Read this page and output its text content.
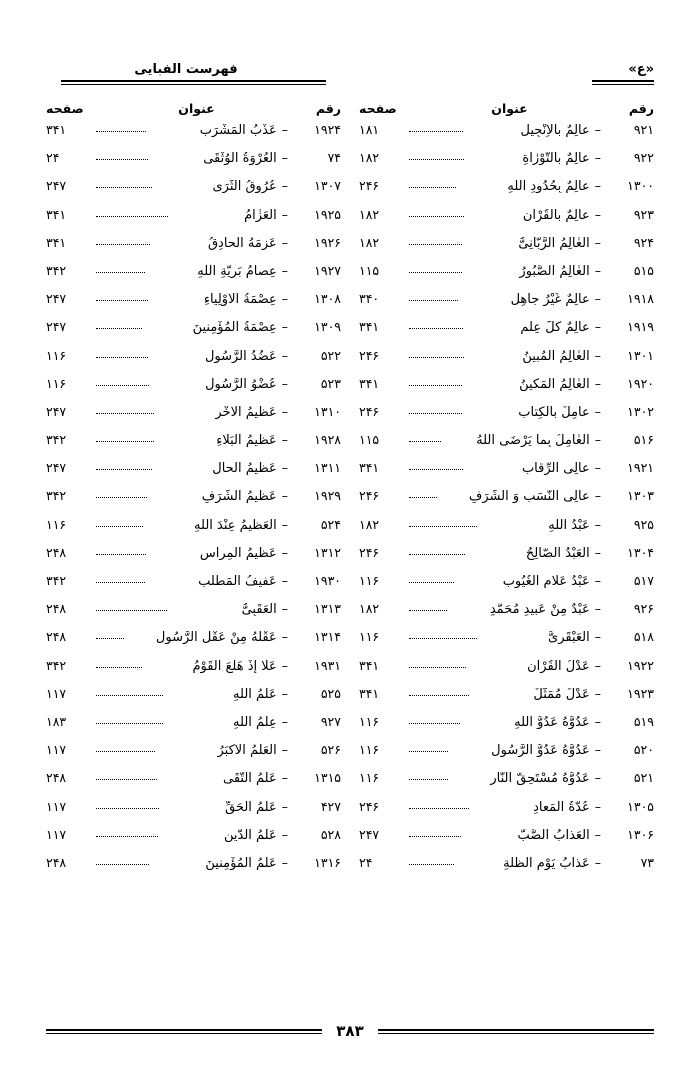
فهرست الفبایی	«ع»
رقم
عنوان
صفحه
۹۲۱
–
عالِمٌ بالْأِنْجِیلِ
۱۸۱
۹۲۲
–
عالِمٌ بالتَّوْرٰاةِ
۱۸۲
۱۳۰۰
–
عالِمٌ بِحُدُودِ اللهِ
۲۴۶
۹۲۳
–
عالِمٌ بالْقُرْآنِ
۱۸۲
۹۲۴
–
الْعٰالِمُ الرَّبّانِیُّ
۱۸۲
۵۱۵
–
الْعٰالِمُ الصَّبُورُ
۱۱۵
۱۹۱۸
–
عالِمٌ غَیْرُ جاهِلٍ
۳۴۰
۱۹۱۹
–
عالِمٌ كُلَّ عِلْمٍ
۳۴۱
۱۳۰۱
–
الْعٰالِمُ الْمُبینُ
۲۴۶
۱۹۲۰
–
الْعٰالِمُ الْمَكینُ
۳۴۱
۱۳۰۲
–
عامِلٌ بالْكِتابِ
۲۴۶
۵۱۶
–
الْعٰامِلُ بِما یَرْضَی اللهُ
۱۱۵
۱۹۲۱
–
عالِی الرِّقابِ
۳۴۱
۱۳۰۳
–
عالِی النَّسَبِ وَ الشَّرَفِ
۲۴۶
۹۲۵
–
عَبْدُ اللهِ
۱۸۲
۱۳۰۴
–
الْعَبْدُ الصّالِحُ
۲۴۶
۵۱۷
–
عَبْدُ عَلّامِ الْغُیُوبِ
۱۱۶
۹۲۶
–
عَبْدٌ مِنْ عَبیدِ مُحَمَّدٍ
۱۸۲
۵۱۸
–
الْعَبْقَرِیُّ
۱۱۶
۱۹۲۲
–
عَدْلُ الْقُرْآنِ
۳۴۱
۱۹۲۳
–
عَدْلٌ مُمَثَّلٌ
۳۴۱
۵۱۹
–
عَدُوُّهُ عَدُوُّ اللهِ
۱۱۶
۵۲۰
–
عَدُوُّهُ عَدُوُّ الرَّسُولِ
۱۱۶
۵۲۱
–
عَدُوُّهُ مُسْتَحِقُّ النّارِ
۱۱۶
۱۳۰۵
–
عُدَّةُ الْمَعادِ
۲۴۶
۱۳۰۶
–
الْعَذابُ الصَّبُّ
۲۴۷
۷۳
–
عَذابُ یَوْمِ الظُّلَّةِ
۲۴
رقم
عنوان
صفحه
۱۹۲۴
–
عَذْبُ الْمَشْرَبِ
۳۴۱
۷۴
–
الْعُرْوَةُ الْوُثْقَی
۲۴
۱۳۰۷
–
عُرُوقُ الثَّرَی
۲۴۷
۱۹۲۵
–
الْعَزٰامُ
۳۴۱
۱۹۲۶
–
عَزِمَهُ الْحادِقُ
۳۴۱
۱۹۲۷
–
عِصامُ بَرِیَّةِ اللهِ
۳۴۲
۱۳۰۸
–
عِصْمَةُ الْأَوْلِیاءِ
۲۴۷
۱۳۰۹
–
عِصْمَةُ الْمُؤْمِنینَ
۲۴۷
۵۲۲
–
عَضُدُ الرَّسُولِ
۱۱۶
۵۲۳
–
عُضْوُ الرَّسُولِ
۱۱۶
۱۳۱۰
–
عَظیمُ الْأَخْرِ
۲۴۷
۱۹۲۸
–
عَظیمُ الْبَلاءِ
۳۴۲
۱۳۱۱
–
عَظیمُ الْحالِ
۲۴۷
۱۹۲۹
–
عَظیمُ الشَّرَفِ
۳۴۲
۵۲۴
–
الْعَظیمُ عِنْدَ اللهِ
۱۱۶
۱۳۱۲
–
عَظیمُ الْمِراسِ
۲۴۸
۱۹۳۰
–
عَفیفُ الْمَطْلَبِ
۳۴۲
۱۳۱۳
–
الْعَقَبِیُّ
۲۴۸
۱۳۱۴
–
عَقْلُهُ مِنْ عَقْلِ الرَّسُولِ
۲۴۸
۱۹۳۱
–
عَلا إِذْ هَلَعَ الْقَوْمُ
۳۴۲
۵۲۵
–
عَلَمُ اللهِ
۱۱۷
۹۲۷
–
عِلْمُ اللهِ
۱۸۳
۵۲۶
–
الْعَلَمُ الْأَكْبَرُ
۱۱۷
۱۳۱۵
–
عَلَمُ التُّقَی
۲۴۸
۴۲۷
–
عَلَمُ الْحَقِّ
۱۱۷
۵۲۸
–
عَلَمُ الدّینِ
۱۱۷
۱۳۱۶
–
عَلَمُ الْمُؤْمِنینَ
۲۴۸
۳۸۳
